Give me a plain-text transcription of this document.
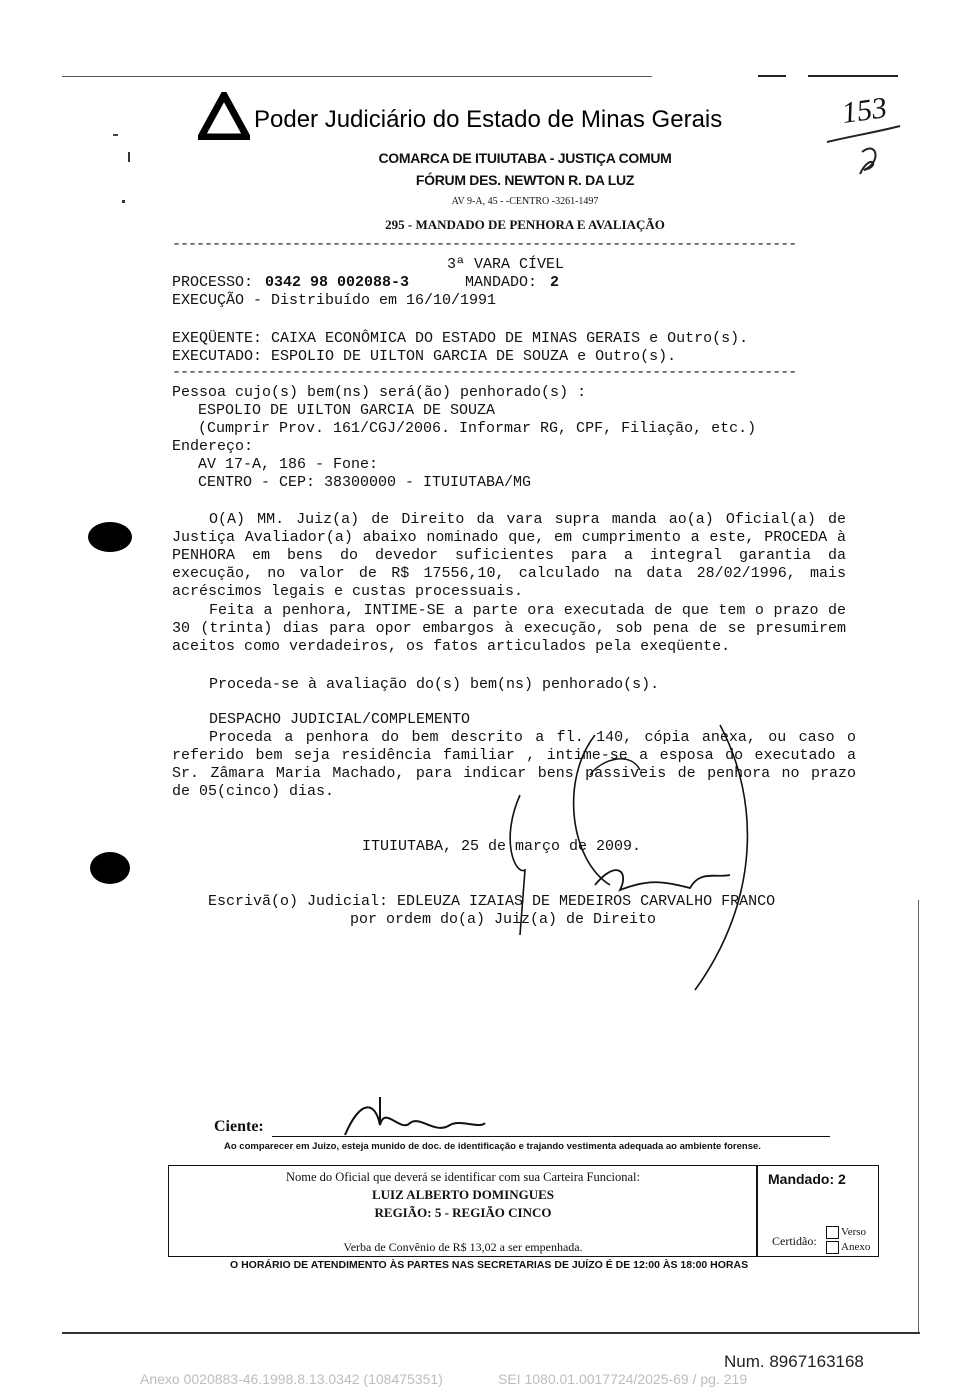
Poder Judiciário do Estado de Minas Gerais	153
COMARCA DE ITUIUTABA - JUSTIÇA COMUM
FÓRUM DES. NEWTON R. DA LUZ
AV 9-A, 45 - -CENTRO -3261-1497
295 - MANDADO DE PENHORA E AVALIAÇÃO
------------------------------------------------------------------------------
3ª VARA CÍVEL
PROCESSO: 0342 98 002088-3	MANDADO: 2
EXECUÇÃO - Distribuído em 16/10/1991
EXEQÜENTE: CAIXA ECONÔMICA DO ESTADO DE MINAS GERAIS e Outro(s).
EXECUTADO: ESPOLIO DE UILTON GARCIA DE SOUZA e Outro(s).
------------------------------------------------------------------------------
Pessoa cujo(s) bem(ns) será(ão) penhorado(s) :
ESPOLIO DE UILTON GARCIA DE SOUZA
(Cumprir Prov. 161/CGJ/2006. Informar RG, CPF, Filiação, etc.)
Endereço:
AV 17-A, 186 - Fone:
CENTRO - CEP: 38300000 - ITUIUTABA/MG
O(A) MM. Juiz(a) de Direito da vara supra manda ao(a) Oficial(a) de Justiça Avaliador(a) abaixo nominado que, em cumprimento a este, PROCEDA à PENHORA em bens do devedor suficientes para a integral garantia da execução, no valor de R$ 17556,10, calculado na data 28/02/1996, mais acréscimos legais e custas processuais.
Feita a penhora, INTIME-SE a parte ora executada de que tem o prazo de 30 (trinta) dias para opor embargos à execução, sob pena de se presumirem aceitos como verdadeiros, os fatos articulados pela exeqüente.
Proceda-se à avaliação do(s) bem(ns) penhorado(s).
DESPACHO JUDICIAL/COMPLEMENTO
Proceda a penhora do bem descrito a fl. 140, cópia anexa, ou caso o referido bem seja residência familiar , intime-se a esposa do executado a Sr. Zâmara Maria Machado, para indicar bens passiveis de penhora no prazo de 05(cinco) dias.
ITUIUTABA, 25 de março de 2009.
Escrivã(o) Judicial: EDLEUZA IZAIAS DE MEDEIROS CARVALHO FRANCO
por ordem do(a) Juiz(a) de Direito
Ciente:
Ao comparecer em Juizo, esteja munido de doc. de identificação e trajando vestimenta adequada ao ambiente forense.
Nome do Oficial que deverá se identificar com sua Carteira Funcional:
LUIZ ALBERTO DOMINGUES
REGIÃO: 5 - REGIÃO CINCO
Verba de Convênio de R$ 13,02 a ser empenhada.
Mandado: 2
Certidão:
Verso
Anexo
O HORÁRIO DE ATENDIMENTO ÀS PARTES NAS SECRETARIAS DE JUÍZO É DE 12:00 ÀS 18:00 HORAS
Num. 8967163168
Anexo 0020883-46.1998.8.13.0342 (108475351)	SEI 1080.01.0017724/2025-69 / pg. 219
